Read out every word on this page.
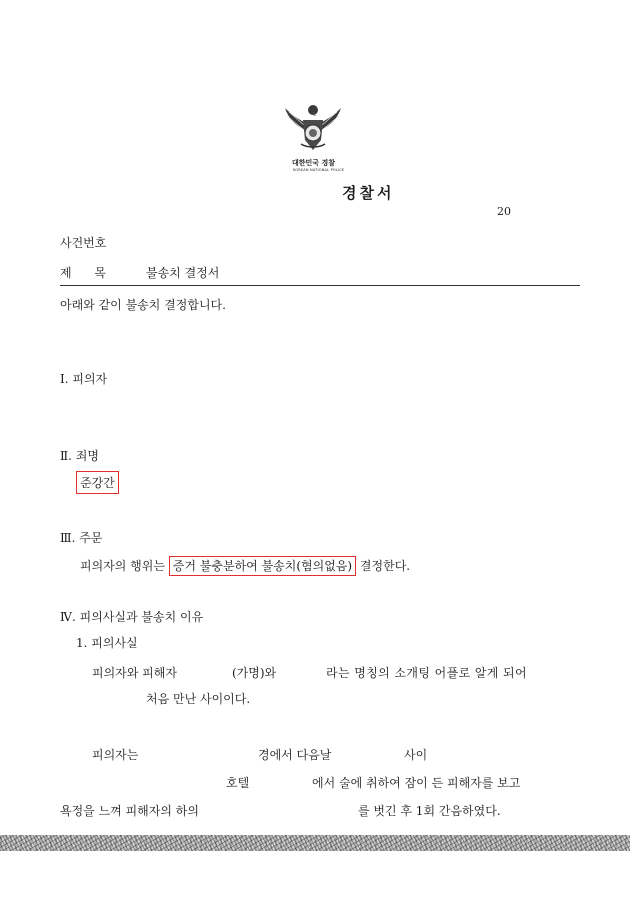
대한민국 경찰
KOREAN NATIONAL POLICE
경찰서
20
사건번호
제 목	불송치 결정서
아래와 같이 불송치 결정합니다.
Ⅰ. 피의자
Ⅱ. 죄명
준강간
Ⅲ. 주문
피의자의 행위는 증거 불충분하여 불송치(혐의없음) 결정한다.
Ⅳ. 피의사실과 불송치 이유
1. 피의사실
피의자와 피해자	(가명)와	라는 명칭의 소개팅 어플로 알게 되어
처음 만난 사이이다.
피의자는	경에서 다음날	사이
호텔	에서 술에 취하여 잠이 든 피해자를 보고
욕정을 느껴 피해자의 하의	를 벗긴 후 1회 간음하였다.
